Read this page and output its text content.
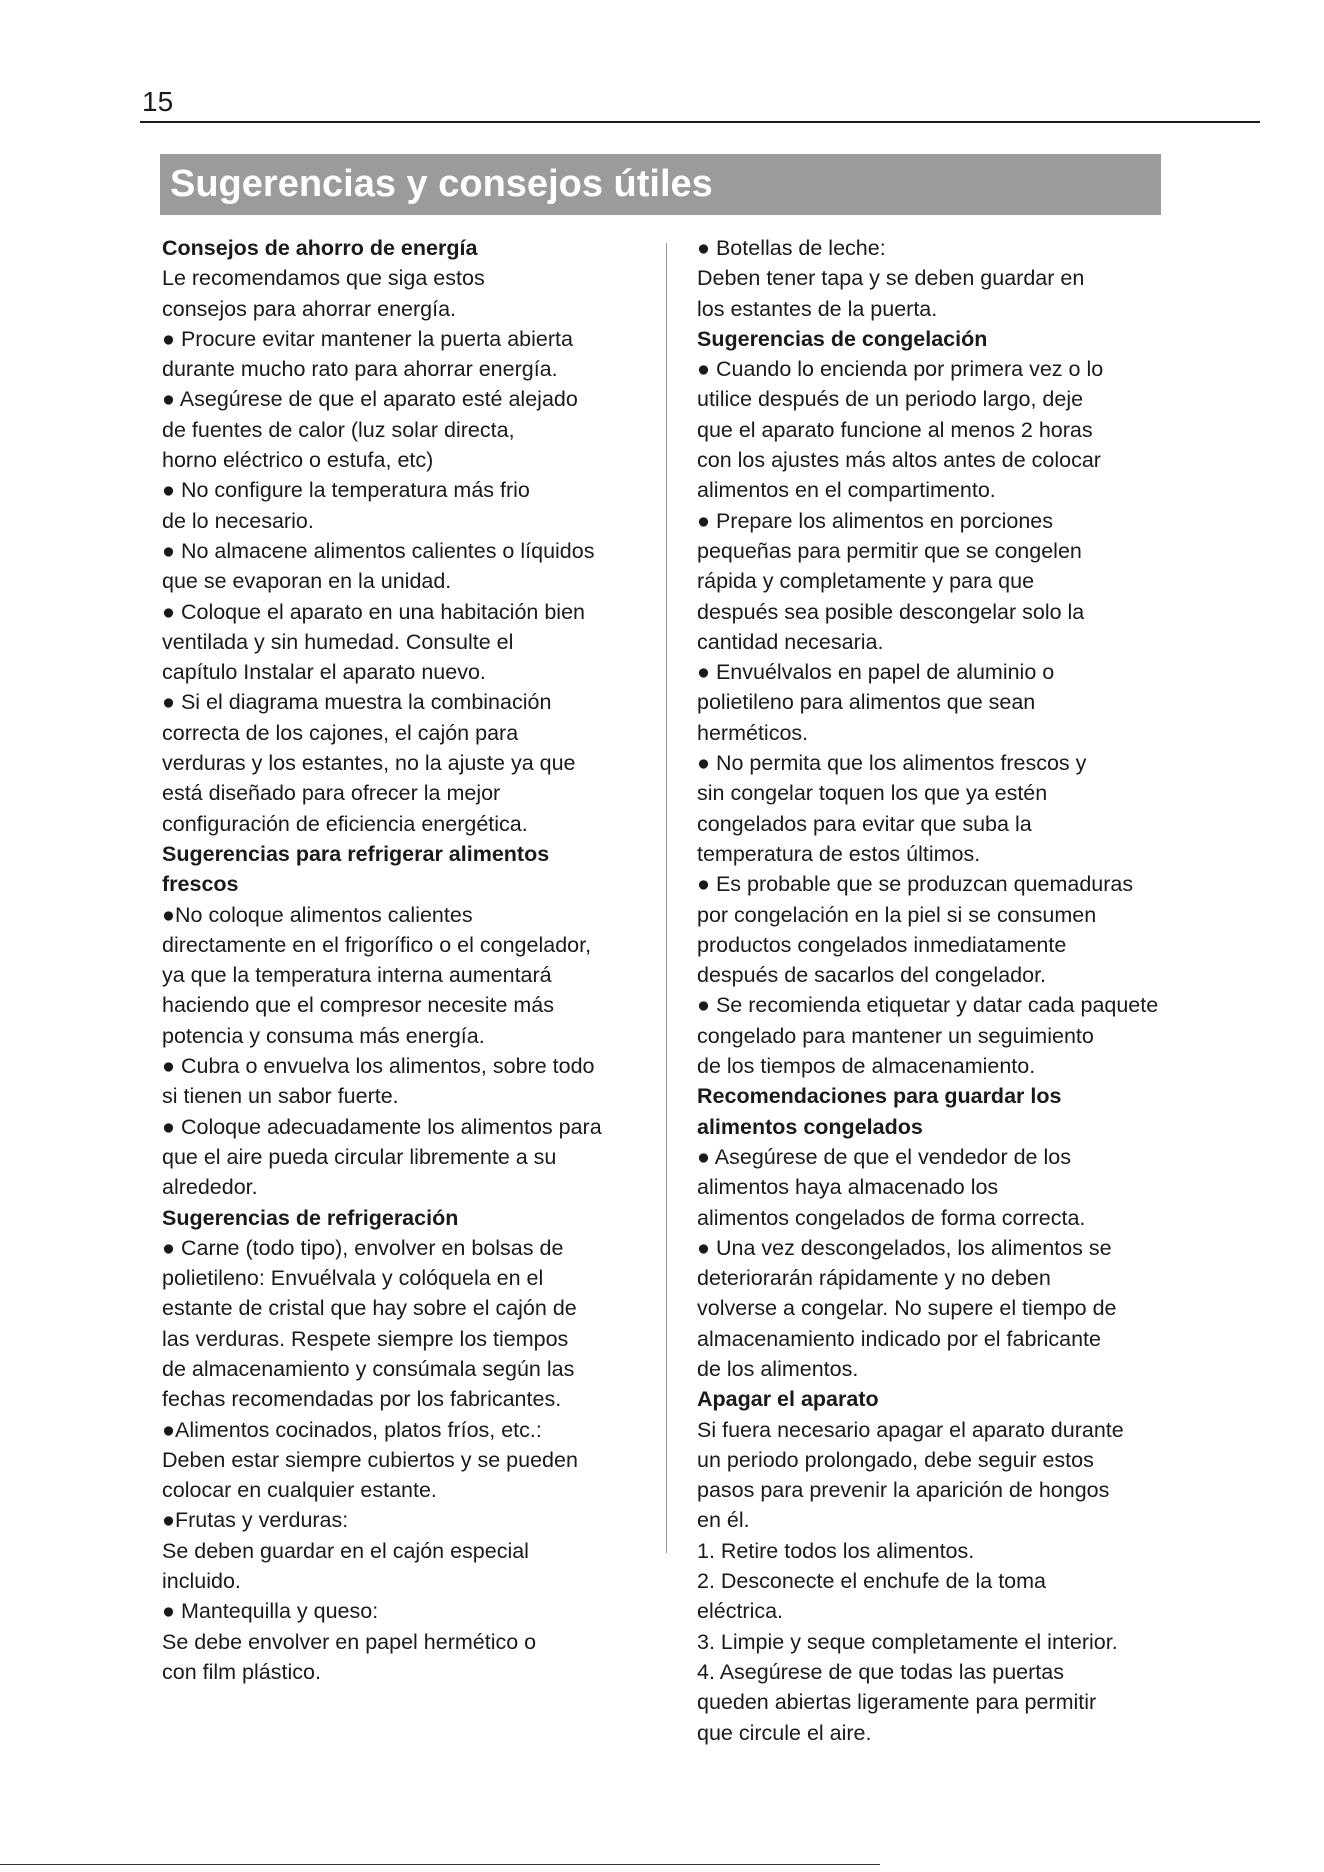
15
Sugerencias y consejos útiles
Consejos de ahorro de energía
Le recomendamos que siga estos
consejos para ahorrar energía.
● Procure evitar mantener la puerta abierta
durante mucho rato para ahorrar energía.
● Asegúrese de que el aparato esté alejado
de fuentes de calor (luz solar directa,
horno eléctrico o estufa, etc)
● No configure la temperatura más frio
de lo necesario.
● No almacene alimentos calientes o líquidos
que se evaporan en la unidad.
● Coloque el aparato en una habitación bien
ventilada y sin humedad. Consulte el
capítulo Instalar el aparato nuevo.
● Si el diagrama muestra la combinación
correcta de los cajones, el cajón para
verduras y los estantes, no la ajuste ya que
está diseñado para ofrecer la mejor
configuración de eficiencia energética.
Sugerencias para refrigerar alimentos
frescos
●No coloque alimentos calientes
directamente en el frigorífico o el congelador,
ya que la temperatura interna aumentará
haciendo que el compresor necesite más
potencia y consuma más energía.
● Cubra o envuelva los alimentos, sobre todo
si tienen un sabor fuerte.
● Coloque adecuadamente los alimentos para
que el aire pueda circular libremente a su
alrededor.
Sugerencias de refrigeración
● Carne (todo tipo), envolver en bolsas de
polietileno: Envuélvala y colóquela en el
estante de cristal que hay sobre el cajón de
las verduras. Respete siempre los tiempos
de almacenamiento y consúmala según las
fechas recomendadas por los fabricantes.
●Alimentos cocinados, platos fríos, etc.:
Deben estar siempre cubiertos y se pueden
colocar en cualquier estante.
●Frutas y verduras:
Se deben guardar en el cajón especial
incluido.
● Mantequilla y queso:
Se debe envolver en papel hermético o
con film plástico.
● Botellas de leche:
Deben tener tapa y se deben guardar en
los estantes de la puerta.
Sugerencias de congelación
● Cuando lo encienda por primera vez o lo
utilice después de un periodo largo, deje
que el aparato funcione al menos 2 horas
con los ajustes más altos antes de colocar
alimentos en el compartimento.
● Prepare los alimentos en porciones
pequeñas para permitir que se congelen
rápida y completamente y para que
después sea posible descongelar solo la
cantidad necesaria.
● Envuélvalos en papel de aluminio o
polietileno para alimentos que sean
herméticos.
● No permita que los alimentos frescos y
sin congelar toquen los que ya estén
congelados para evitar que suba la
temperatura de estos últimos.
● Es probable que se produzcan quemaduras
por congelación en la piel si se consumen
productos congelados inmediatamente
después de sacarlos del congelador.
● Se recomienda etiquetar y datar cada paquete
congelado para mantener un seguimiento
de los tiempos de almacenamiento.
Recomendaciones para guardar los
alimentos congelados
● Asegúrese de que el vendedor de los
alimentos haya almacenado los
alimentos congelados de forma correcta.
● Una vez descongelados, los alimentos se
deteriorarán rápidamente y no deben
volverse a congelar. No supere el tiempo de
almacenamiento indicado por el fabricante
de los alimentos.
Apagar el aparato
Si fuera necesario apagar el aparato durante
un periodo prolongado, debe seguir estos
pasos para prevenir la aparición de hongos
en él.
1. Retire todos los alimentos.
2. Desconecte el enchufe de la toma
eléctrica.
3. Limpie y seque completamente el interior.
4. Asegúrese de que todas las puertas
queden abiertas ligeramente para permitir
que circule el aire.
